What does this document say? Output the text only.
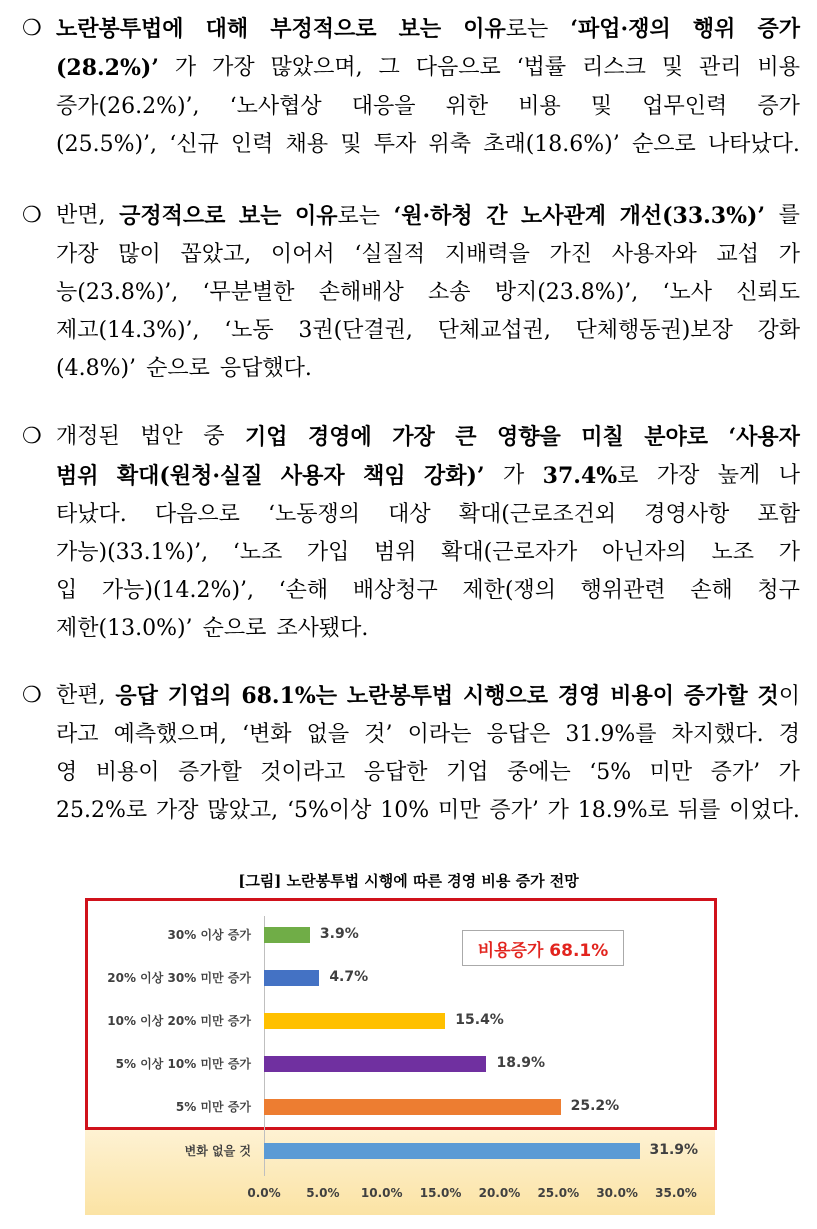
❍ 노란봉투법에 대해 부정적으로 보는 이유로는 ‘파업·쟁의 행위 증가
(28.2%)’ 가 가장 많았으며, 그 다음으로 ‘법률 리스크 및 관리 비용
증가(26.2%)’, ‘노사협상 대응을 위한 비용 및 업무인력 증가
(25.5%)’, ‘신규 인력 채용 및 투자 위축 초래(18.6%)’ 순으로 나타났다.
❍ 반면, 긍정적으로 보는 이유로는 ‘원·하청 간 노사관계 개선(33.3%)’ 를
가장 많이 꼽았고, 이어서 ‘실질적 지배력을 가진 사용자와 교섭 가
능(23.8%)’, ‘무분별한 손해배상 소송 방지(23.8%)’, ‘노사 신뢰도
제고(14.3%)’, ‘노동 3권(단결권, 단체교섭권, 단체행동권)보장 강화
(4.8%)’ 순으로 응답했다.
❍ 개정된 법안 중 기업 경영에 가장 큰 영향을 미칠 분야로 ‘사용자
범위 확대(원청·실질 사용자 책임 강화)’ 가 37.4%로 가장 높게 나
타났다. 다음으로 ‘노동쟁의 대상 확대(근로조건외 경영사항 포함
가능)(33.1%)’, ‘노조 가입 범위 확대(근로자가 아닌자의 노조 가
입 가능)(14.2%)’, ‘손해 배상청구 제한(쟁의 행위관련 손해 청구
제한(13.0%)’ 순으로 조사됐다.
❍ 한편, 응답 기업의 68.1%는 노란봉투법 시행으로 경영 비용이 증가할 것이
라고 예측했으며, ‘변화 없을 것’ 이라는 응답은 31.9%를 차지했다. 경
영 비용이 증가할 것이라고 응답한 기업 중에는 ‘5% 미만 증가’ 가
25.2%로 가장 많았고, ‘5%이상 10% 미만 증가’ 가 18.9%로 뒤를 이었다.
[그림] 노란봉투법 시행에 따른 경영 비용 증가 전망
비용증가 68.1%
30% 이상 증가	3.9%
20% 이상 30% 미만 증가	4.7%
10% 이상 20% 미만 증가	15.4%
5% 이상 10% 미만 증가	18.9%
5% 미만 증가	25.2%
변화 없을 것	31.9%
0.0% 5.0% 10.0% 15.0% 20.0% 25.0% 30.0% 35.0%
